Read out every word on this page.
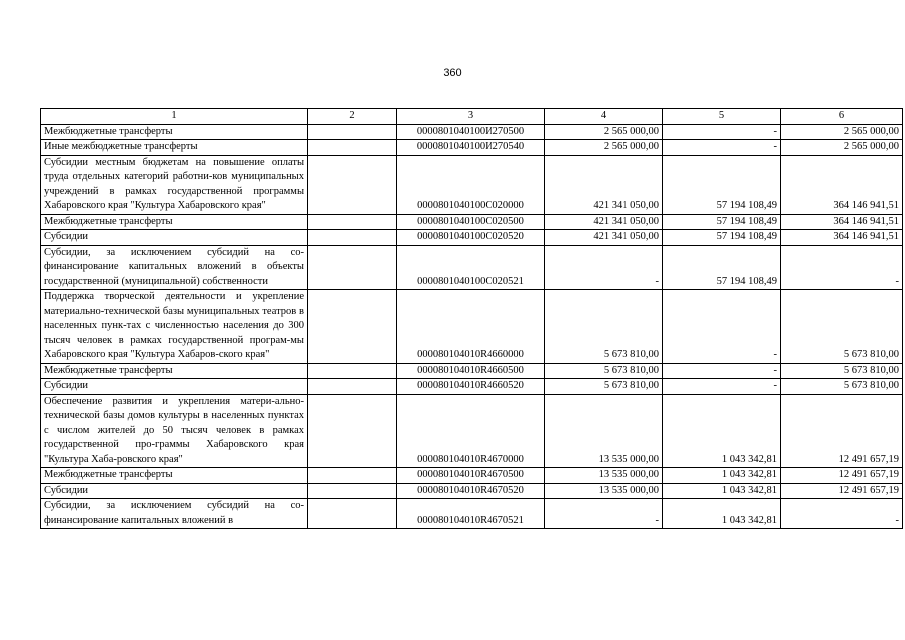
360
1	2	3	4	5	6
Межбюджетные трансферты		0000801040100И270500	2 565 000,00	-	2 565 000,00
Иные межбюджетные трансферты		0000801040100И270540	2 565 000,00	-	2 565 000,00
Субсидии местным бюджетам на повышение оплаты труда отдельных категорий работни-ков муниципальных учреждений в рамках государственной программы Хабаровского края "Культура Хабаровского края"		0000801040100С020000	421 341 050,00	57 194 108,49	364 146 941,51
Межбюджетные трансферты		0000801040100С020500	421 341 050,00	57 194 108,49	364 146 941,51
Субсидии		0000801040100С020520	421 341 050,00	57 194 108,49	364 146 941,51
Субсидии, за исключением субсидий на со-финансирование капитальных вложений в объекты государственной (муниципальной) собственности		0000801040100С020521	-	57 194 108,49	-
Поддержка творческой деятельности и укрепление материально-технической базы муниципальных театров в населенных пунк-тах с численностью населения до 300 тысяч человек в рамках государственной програм-мы Хабаровского края "Культура Хабаров-ского края"		000080104010R4660000	5 673 810,00	-	5 673 810,00
Межбюджетные трансферты		000080104010R4660500	5 673 810,00	-	5 673 810,00
Субсидии		000080104010R4660520	5 673 810,00	-	5 673 810,00
Обеспечение развития и укрепления матери-ально-технической базы домов культуры в населенных пунктах с числом жителей до 50 тысяч человек в рамках государственной про-граммы Хабаровского края "Культура Хаба-ровского края"		000080104010R4670000	13 535 000,00	1 043 342,81	12 491 657,19
Межбюджетные трансферты		000080104010R4670500	13 535 000,00	1 043 342,81	12 491 657,19
Субсидии		000080104010R4670520	13 535 000,00	1 043 342,81	12 491 657,19
Субсидии, за исключением субсидий на со-финансирование капитальных вложений в		000080104010R4670521	-	1 043 342,81	-
